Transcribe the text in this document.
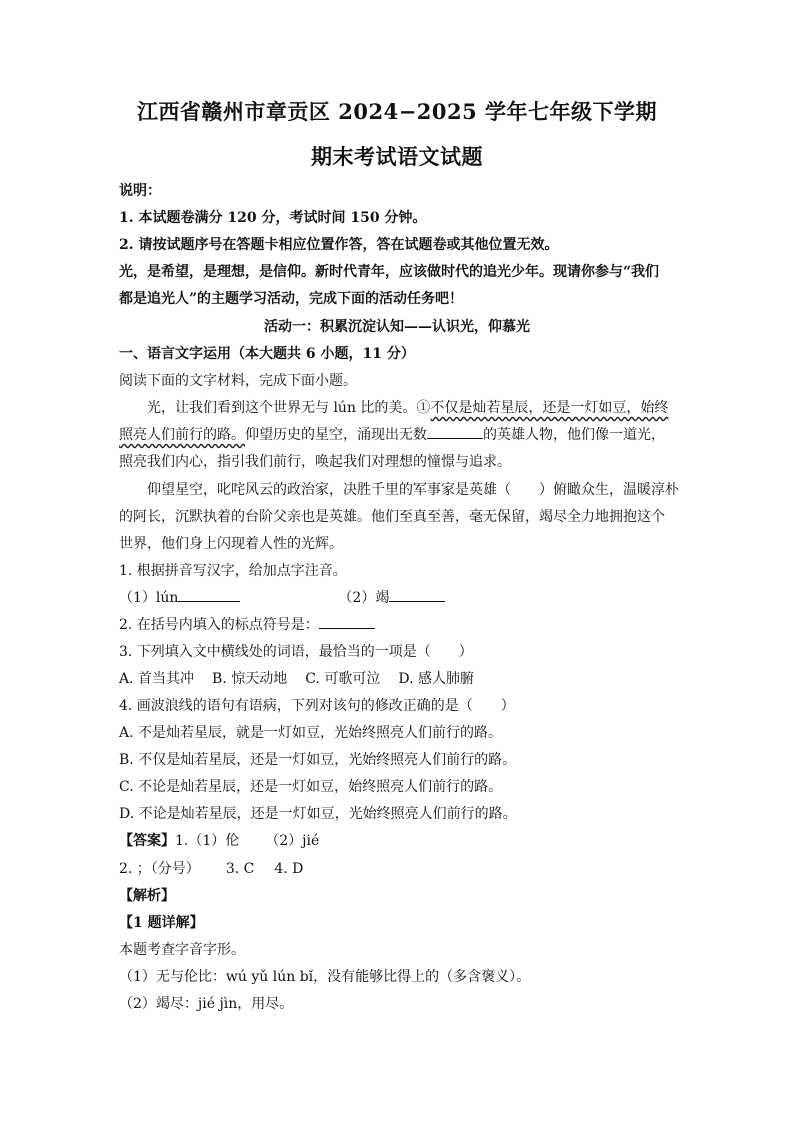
江西省赣州市章贡区 2024−2025 学年七年级下学期
期末考试语文试题
说明：
1. 本试题卷满分 120 分，考试时间 150 分钟。
2. 请按试题序号在答题卡相应位置作答，答在试题卷或其他位置无效。
光，是希望，是理想，是信仰。新时代青年，应该做时代的追光少年。现请你参与“我们
都是追光人”的主题学习活动，完成下面的活动任务吧！
活动一：积累沉淀认知——认识光，仰慕光
一、语言文字运用（本大题共 6 小题，11 分）
阅读下面的文字材料，完成下面小题。
光，让我们看到这个世界无与 lún 比的美。①不仅是灿若星辰，还是一灯如豆，始终
照亮人们前行的路。仰望历史的星空，涌现出无数	的英雄人物，他们像一道光，
照亮我们内心，指引我们前行，唤起我们对理想的憧憬与追求。
仰望星空，叱咤风云的政治家，决胜千里的军事家是英雄（　　）俯瞰众生，温暖淳朴
的阿长，沉默执着的台阶父亲也是英雄。他们至真至善，毫无保留，竭尽全力地拥抱这个
世界，他们身上闪现着人性的光辉。
1. 根据拼音写汉字，给加点字注音。
（1）lún	（2）竭
2. 在括号内填入的标点符号是：
3. 下列填入文中横线处的词语，最恰当的一项是（　　）
A. 首当其冲 B. 惊天动地 C. 可歌可泣 D. 感人肺腑
4. 画波浪线的语句有语病，下列对该句的修改正确的是（　　）
A. 不是灿若星辰，就是一灯如豆，光始终照亮人们前行的路。
B. 不仅是灿若星辰，还是一灯如豆，光始终照亮人们前行的路。
C. 不论是灿若星辰，还是一灯如豆，始终照亮人们前行的路。
D. 不论是灿若星辰，还是一灯如豆，光始终照亮人们前行的路。
【答案】1.（1）伦 （2）jié
2. ；（分号） 3. C 4. D
【解析】
【1 题详解】
本题考查字音字形。
（1）无与伦比：wú yǔ lún bǐ，没有能够比得上的（多含褒义）。
（2）竭尽：jié jìn，用尽。
